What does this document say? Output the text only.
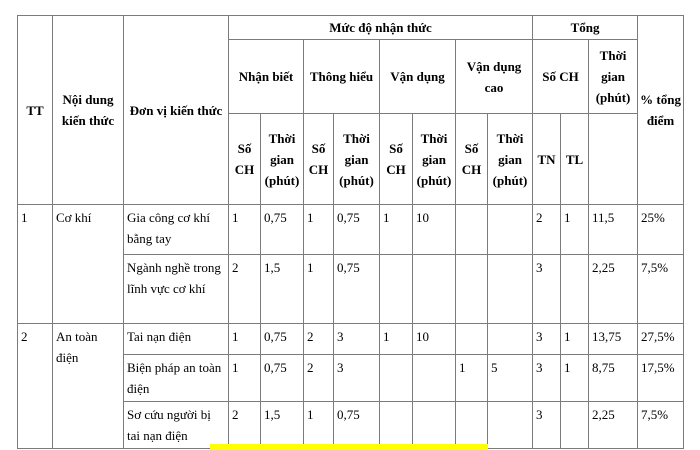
TT	Nội dung kiến thức	Đơn vị kiến thức	Mức độ nhận thức								Tổng			% tổng điểm
			Nhận biết		Thông hiểu		Vận dụng		Vận dụng cao		Số CH		Thời gian (phút)	
			Số CH	Thời gian (phút)	Số CH	Thời gian (phút)	Số CH	Thời gian (phút)	Số CH	Thời gian (phút)	TN	TL		
1	Cơ khí	Gia công cơ khí bằng tay	1	0,75	1	0,75	1	10			2	1	11,5	25%
		Ngành nghề trong lĩnh vực cơ khí	2	1,5	1	0,75					3		2,25	7,5%
2	An toàn điện	Tai nạn điện	1	0,75	2	3	1	10			3	1	13,75	27,5%
		Biện pháp an toàn điện	1	0,75	2	3			1	5	3	1	8,75	17,5%
		Sơ cứu người bị tai nạn điện	2	1,5	1	0,75					3		2,25	7,5%
